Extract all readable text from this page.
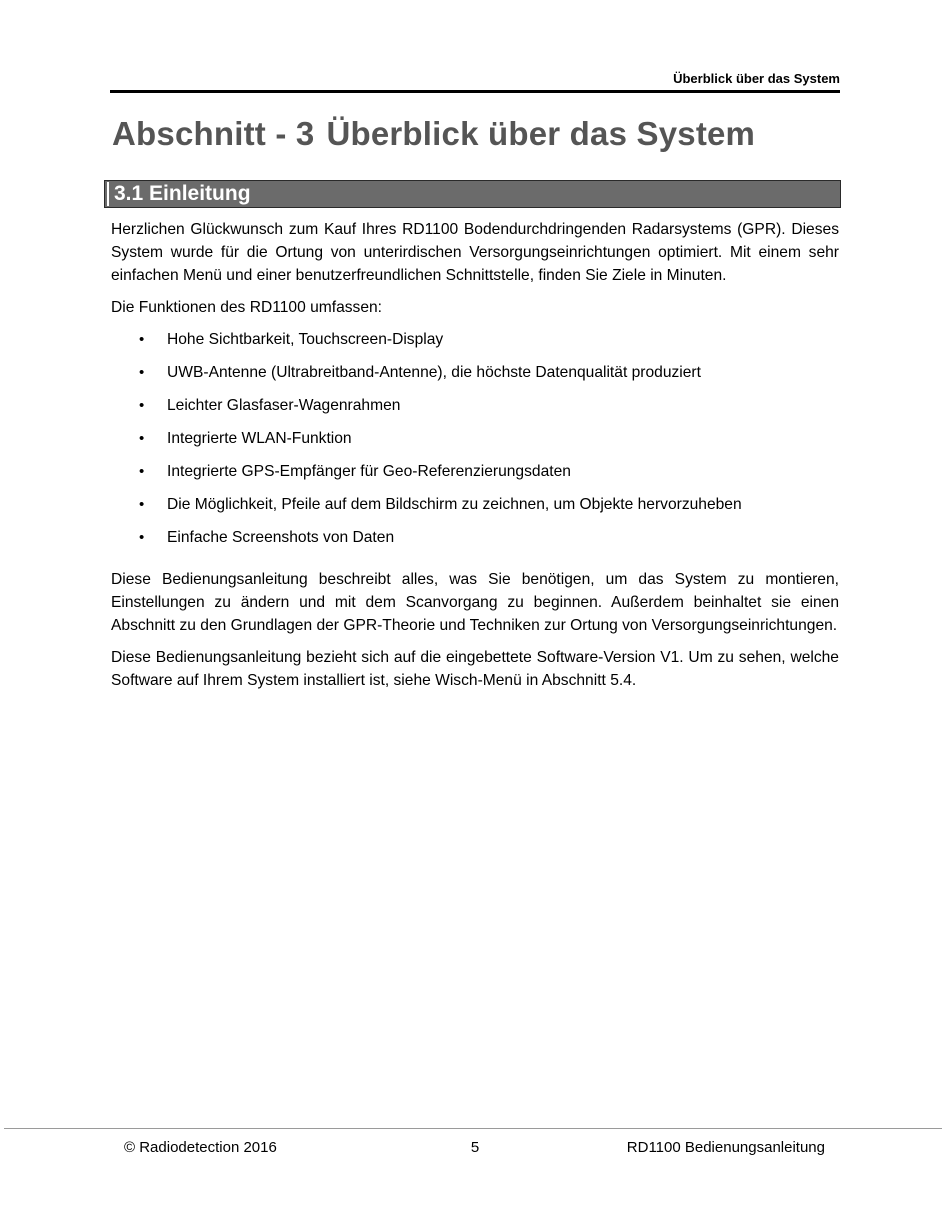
Überblick über das System
Abschnitt - 3 Überblick über das System
3.1 Einleitung

Herzlichen Glückwunsch zum Kauf Ihres RD1100 Bodendurchdringenden Radarsystems (GPR). Dieses System wurde für die Ortung von unterirdischen Versorgungseinrichtungen optimiert. Mit einem sehr einfachen Menü und einer benutzerfreundlichen Schnittstelle, finden Sie Ziele in Minuten.

Die Funktionen des RD1100 umfassen:

• Hohe Sichtbarkeit, Touchscreen-Display
• UWB-Antenne (Ultrabreitband-Antenne), die höchste Datenqualität produziert
• Leichter Glasfaser-Wagenrahmen
• Integrierte WLAN-Funktion
• Integrierte GPS-Empfänger für Geo-Referenzierungsdaten
• Die Möglichkeit, Pfeile auf dem Bildschirm zu zeichnen, um Objekte hervorzuheben
• Einfache Screenshots von Daten

Diese Bedienungsanleitung beschreibt alles, was Sie benötigen, um das System zu montieren, Einstellungen zu ändern und mit dem Scanvorgang zu beginnen. Außerdem beinhaltet sie einen Abschnitt zu den Grundlagen der GPR-Theorie und Techniken zur Ortung von Versorgungseinrichtungen.

Diese Bedienungsanleitung bezieht sich auf die eingebettete Software-Version V1. Um zu sehen, welche Software auf Ihrem System installiert ist, siehe Wisch-Menü in Abschnitt 5.4.

© Radiodetection 2016	5	RD1100 Bedienungsanleitung
